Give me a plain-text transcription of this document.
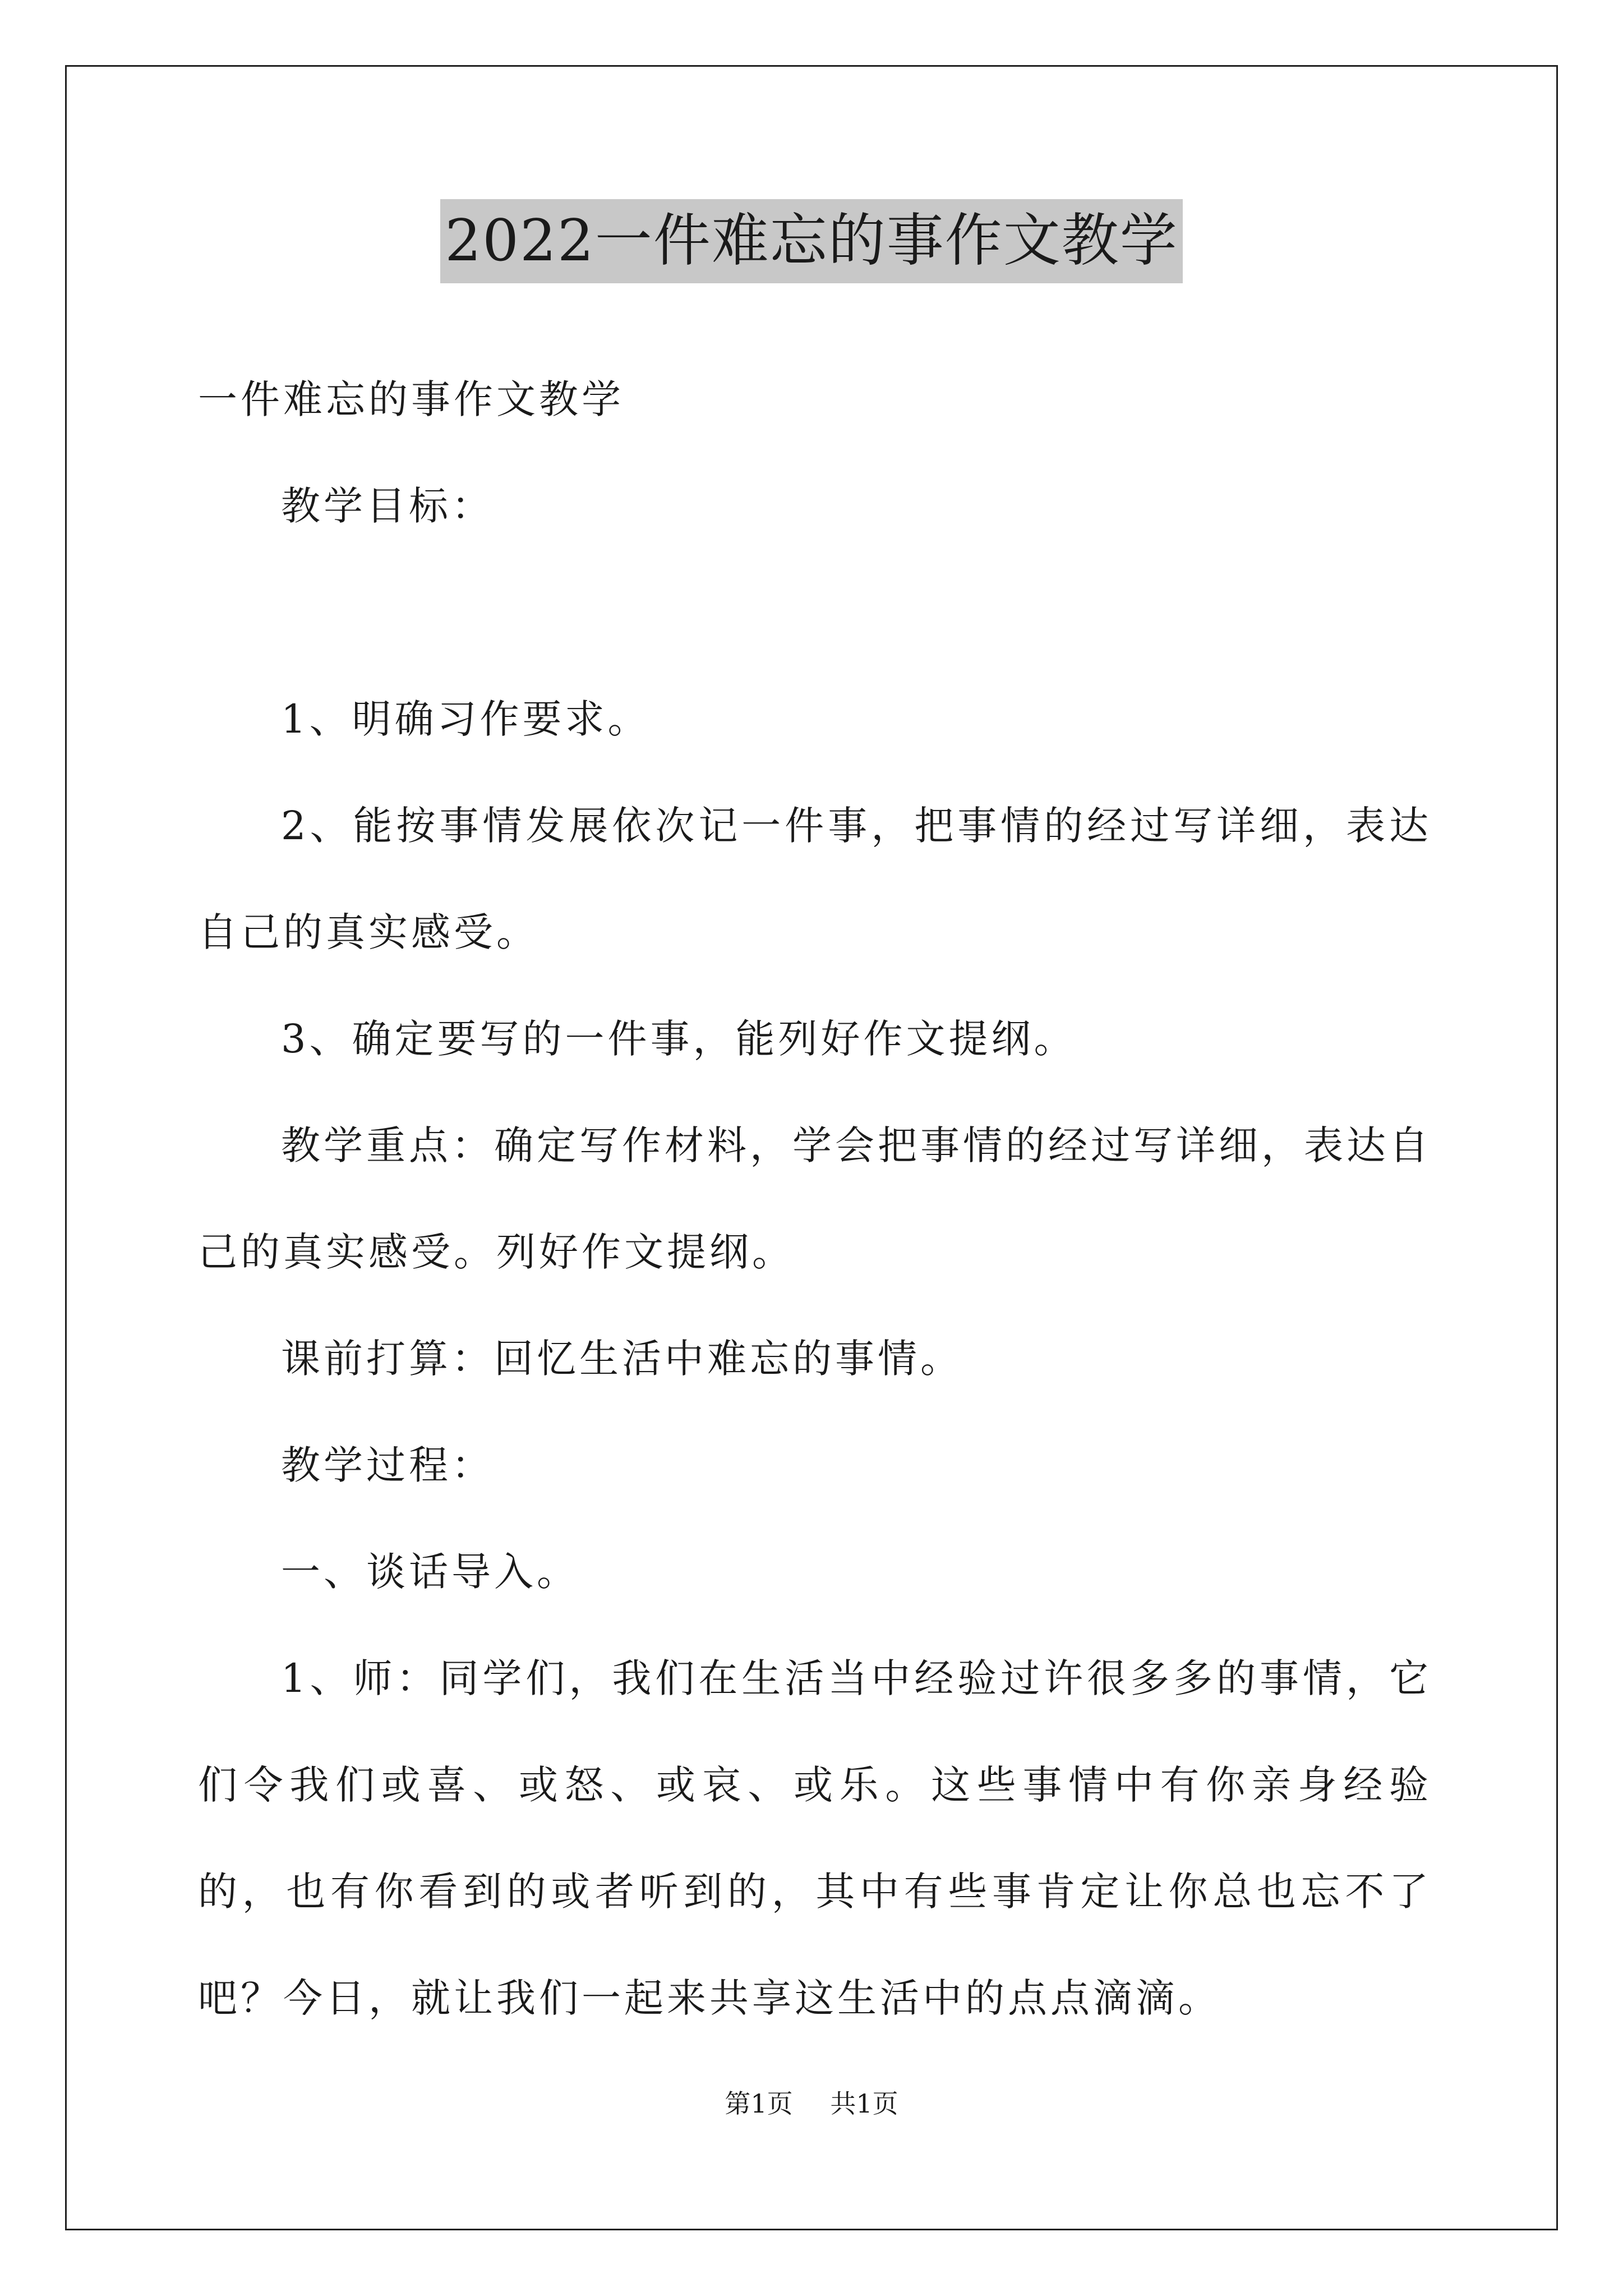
2022一件难忘的事作文教学

一件难忘的事作文教学

教学目标：

1、明确习作要求。

2、能按事情发展依次记一件事，把事情的经过写详细，表达自己的真实感受。

3、确定要写的一件事，能列好作文提纲。

教学重点：确定写作材料，学会把事情的经过写详细，表达自己的真实感受。列好作文提纲。

课前打算：回忆生活中难忘的事情。

教学过程：

一、谈话导入。

1、师：同学们，我们在生活当中经验过许很多多的事情，它们令我们或喜、或怒、或哀、或乐。这些事情中有你亲身经验的，也有你看到的或者听到的，其中有些事肯定让你总也忘不了吧？今日，就让我们一起来共享这生活中的点点滴滴。

第1页 共1页
